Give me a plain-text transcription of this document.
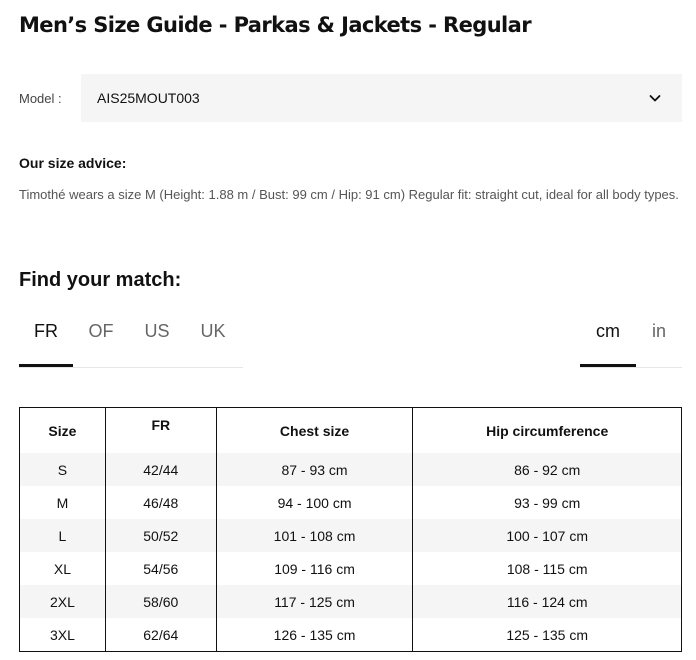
Men’s Size Guide - Parkas & Jackets - Regular
Model :	AIS25MOUT003
Our size advice:
Timothé wears a size M (Height: 1.88 m / Bust: 99 cm / Hip: 91 cm) Regular fit: straight cut, ideal for all body types.
Find your match:
FR	OF	US	UK	cm	in
Size	FR	Chest size	Hip circumference
S	42/44	87 - 93 cm	86 - 92 cm
M	46/48	94 - 100 cm	93 - 99 cm
L	50/52	101 - 108 cm	100 - 107 cm
XL	54/56	109 - 116 cm	108 - 115 cm
2XL	58/60	117 - 125 cm	116 - 124 cm
3XL	62/64	126 - 135 cm	125 - 135 cm
